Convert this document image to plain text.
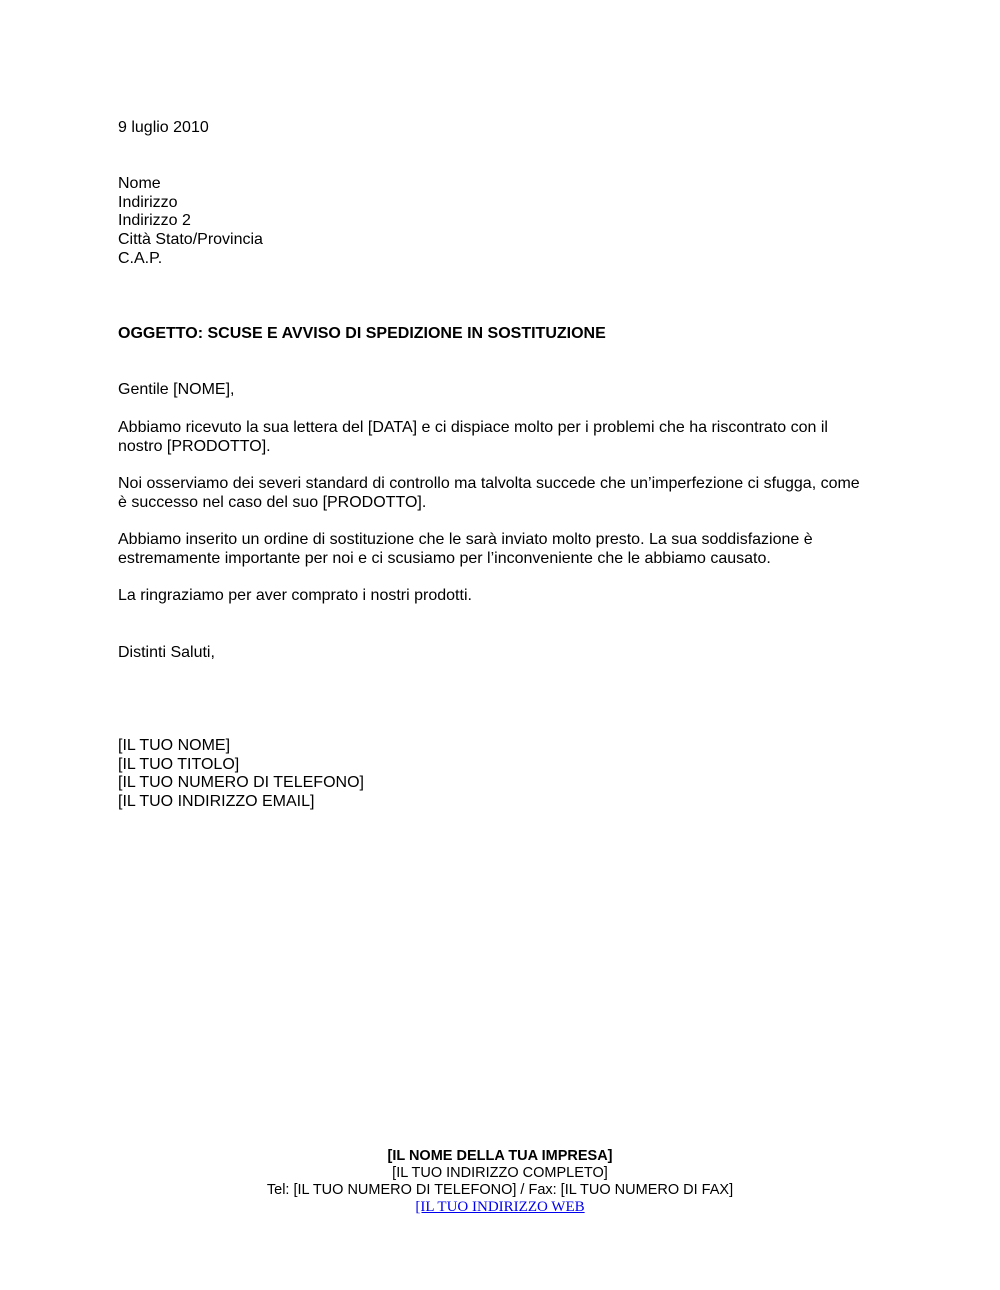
9 luglio 2010
Nome
Indirizzo
Indirizzo 2
Città Stato/Provincia
C.A.P.
OGGETTO: SCUSE E AVVISO DI SPEDIZIONE IN SOSTITUZIONE
Gentile [NOME],
Abbiamo ricevuto la sua lettera del [DATA] e ci dispiace molto per i problemi che ha riscontrato con il
nostro [PRODOTTO].
Noi osserviamo dei severi standard di controllo ma talvolta succede che un’imperfezione ci sfugga, come
è successo nel caso del suo [PRODOTTO].
Abbiamo inserito un ordine di sostituzione che le sarà inviato molto presto. La sua soddisfazione è
estremamente importante per noi e ci scusiamo per l’inconveniente che le abbiamo causato.
La ringraziamo per aver comprato i nostri prodotti.
Distinti Saluti,
[IL TUO NOME]
[IL TUO TITOLO]
[IL TUO NUMERO DI TELEFONO]
[IL TUO INDIRIZZO EMAIL]
[IL NOME DELLA TUA IMPRESA]
[IL TUO INDIRIZZO COMPLETO]
Tel: [IL TUO NUMERO DI TELEFONO] / Fax: [IL TUO NUMERO DI FAX]
[IL TUO INDIRIZZO WEB
